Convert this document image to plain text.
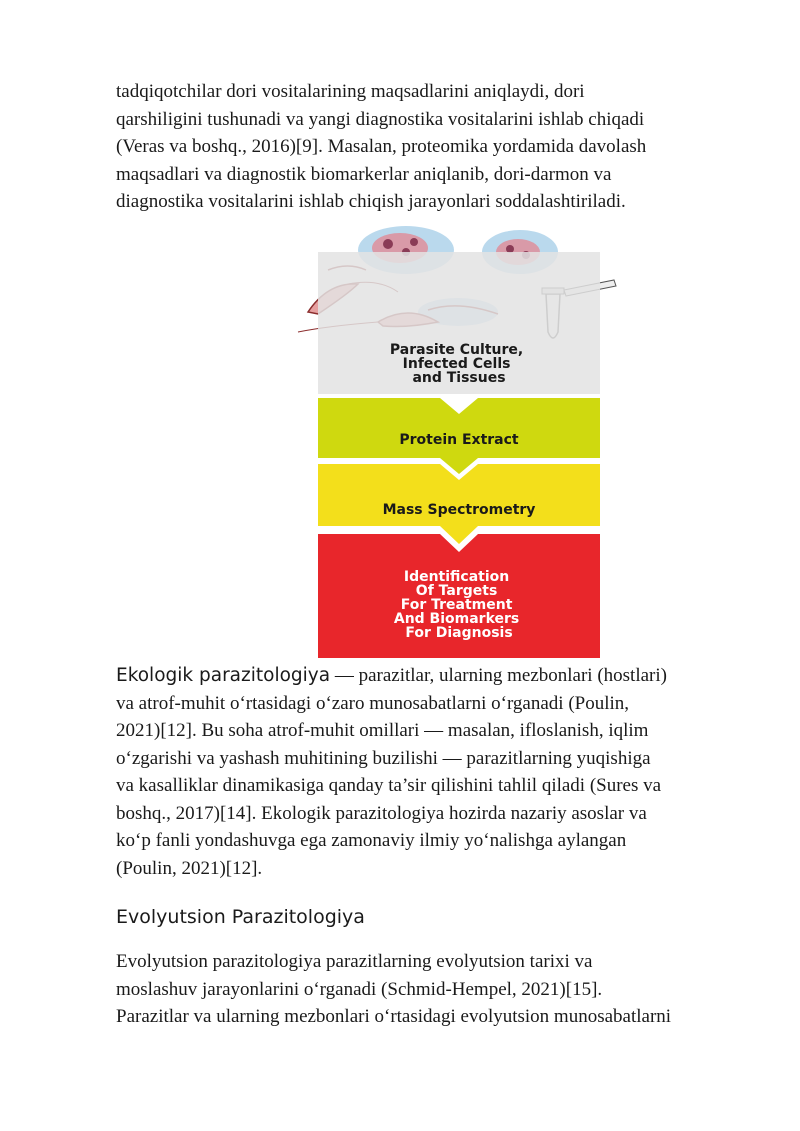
tadqiqotchilar dori vositalarining maqsadlarini aniqlaydi, dori
qarshiligini tushunadi va yangi diagnostika vositalarini ishlab chiqadi
(Veras va boshq., 2016)[9]. Masalan, proteomika yordamida davolash
maqsadlari va diagnostik biomarkerlar aniqlanib, dori-darmon va
diagnostika vositalarini ishlab chiqish jarayonlari soddalashtiriladi.
Parasite Culture, Infected Cells and Tissues
Protein Extract
Mass Spectrometry
Identification Of Targets For Treatment And Biomarkers For Diagnosis
Ekologik parazitologiya — parazitlar, ularning mezbonlari (hostlari)
va atrof-muhit o‘rtasidagi o‘zaro munosabatlarni o‘rganadi (Poulin,
2021)[12]. Bu soha atrof-muhit omillari — masalan, ifloslanish, iqlim
o‘zgarishi va yashash muhitining buzilishi — parazitlarning yuqishiga
va kasalliklar dinamikasiga qanday ta’sir qilishini tahlil qiladi (Sures va
boshq., 2017)[14]. Ekologik parazitologiya hozirda nazariy asoslar va
ko‘p fanli yondashuvga ega zamonaviy ilmiy yo‘nalishga aylangan
(Poulin, 2021)[12].
Evolyutsion Parazitologiya
Evolyutsion parazitologiya parazitlarning evolyutsion tarixi va
moslashuv jarayonlarini o‘rganadi (Schmid-Hempel, 2021)[15].
Parazitlar va ularning mezbonlari o‘rtasidagi evolyutsion munosabatlarni
